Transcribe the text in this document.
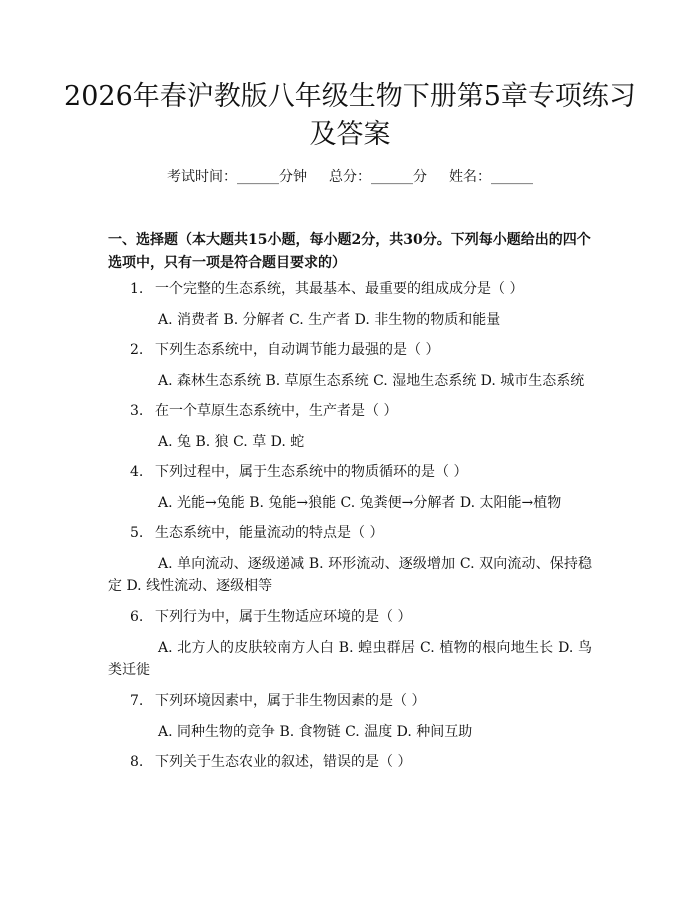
2026年春沪教版八年级生物下册第5章专项练习及答案
考试时间：______分钟 总分：______分 姓名：______

一、选择题（本大题共15小题，每小题2分，共30分。下列每小题给出的四个选项中，只有一项是符合题目要求的）

1. 一个完整的生态系统，其最基本、最重要的组成成分是（ ）

A. 消费者 B. 分解者 C. 生产者 D. 非生物的物质和能量

2. 下列生态系统中，自动调节能力最强的是（ ）

A. 森林生态系统 B. 草原生态系统 C. 湿地生态系统 D. 城市生态系统

3. 在一个草原生态系统中，生产者是（ ）

A. 兔 B. 狼 C. 草 D. 蛇

4. 下列过程中，属于生态系统中的物质循环的是（ ）

A. 光能→兔能 B. 兔能→狼能 C. 兔粪便→分解者 D. 太阳能→植物

5. 生态系统中，能量流动的特点是（ ）

A. 单向流动、逐级递减 B. 环形流动、逐级增加 C. 双向流动、保持稳定 D. 线性流动、逐级相等

6. 下列行为中，属于生物适应环境的是（ ）

A. 北方人的皮肤较南方人白 B. 蝗虫群居 C. 植物的根向地生长 D. 鸟类迁徙

7. 下列环境因素中，属于非生物因素的是（ ）

A. 同种生物的竞争 B. 食物链 C. 温度 D. 种间互助

8. 下列关于生态农业的叙述，错误的是（ ）
